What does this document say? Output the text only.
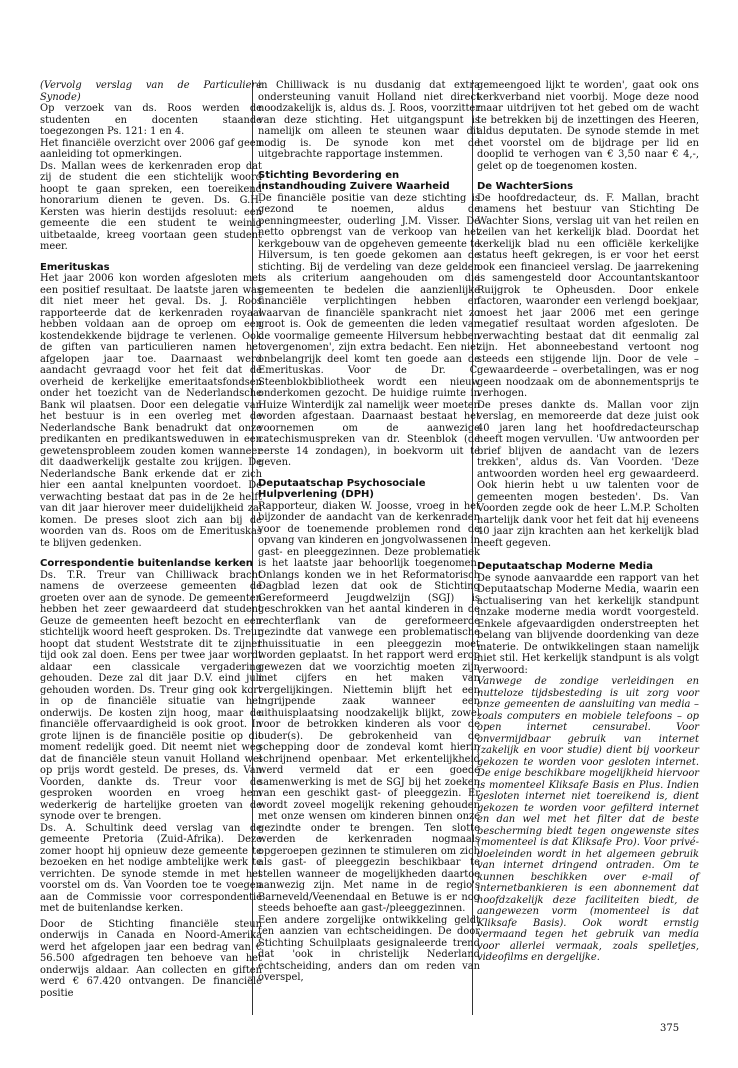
(Vervolg verslag van de Particuliere Synode)

Op verzoek van ds. Roos werden de studenten en docenten staande toegezongen Ps. 121: 1 en 4.

Het financiële overzicht over 2006 gaf geen aanleiding tot opmerkingen.

Ds. Mallan wees de kerkenraden erop dat zij de student die een stichtelijk woord hoopt te gaan spreken, een toereikend honorarium dienen te geven. Ds. G.H. Kersten was hierin destijds resoluut: een gemeente die een student te weinig uitbetaalde, kreeg voortaan geen student meer.

Emerituskas

Het jaar 2006 kon worden afgesloten met een positief resultaat. De laatste jaren was dit niet meer het geval. Ds. J. Roos rapporteerde dat de kerkenraden royaal hebben voldaan aan de oproep om een kostendekkende bijdrage te verlenen. Ook de giften van particulieren namen het afgelopen jaar toe. Daarnaast werd aandacht gevraagd voor het feit dat de overheid de kerkelijke emeritaatsfondsen onder het toezicht van de Nederlandsche Bank wil plaatsen. Door een delegatie van het bestuur is in een overleg met de Nederlandsche Bank benadrukt dat onze predikanten en predikantsweduwen in een gewetensprobleem zouden komen wanneer dit daadwerkelijk gestalte zou krijgen. De Nederlandsche Bank erkende dat er zich hier een aantal knelpunten voordoet. De verwachting bestaat dat pas in de 2e helft van dit jaar hierover meer duidelijkheid zal komen. De preses sloot zich aan bij de woorden van ds. Roos om de Emerituskas te blijven gedenken.

Correspondentie buitenlandse kerken

Ds. T.R. Treur van Chilliwack bracht namens de overzeese gemeenten de groeten over aan de synode. De gemeenten hebben het zeer gewaardeerd dat student Geuze de gemeenten heeft bezocht en een stichtelijk woord heeft gesproken. Ds. Treur hoopt dat student Weststrate dit te zijner tijd ook zal doen. Eens per twee jaar wordt aldaar een classicale vergadering gehouden. Deze zal dit jaar D.V. eind juli gehouden worden. Ds. Treur ging ook kort in op de financiële situatie van het onderwijs. De kosten zijn hoog, maar de financiële offervaardigheid is ook groot. In grote lijnen is de financiële positie op dit moment redelijk goed. Dit neemt niet weg dat de financiële steun vanuit Holland wel op prijs wordt gesteld. De preses, ds. Van Voorden, dankte ds. Treur voor de gesproken woorden en vroeg hem wederkerig de hartelijke groeten van de synode over te brengen.

Ds. A. Schultink deed verslag van de gemeente Pretoria (Zuid-Afrika). Deze zomer hoopt hij opnieuw deze gemeente te bezoeken en het nodige ambtelijke werk te verrichten. De synode stemde in met het voorstel om ds. Van Voorden toe te voegen aan de Commissie voor correspondentie met de buitenlandse kerken.

Door de Stichting financiële steun onderwijs in Canada en Noord-Amerika werd het afgelopen jaar een bedrag van € 56.500 afgedragen ten behoeve van het onderwijs aldaar. Aan collecten en giften werd € 67.420 ontvangen. De financiële positie

in Chilliwack is nu dusdanig dat extra ondersteuning vanuit Holland niet direct noodzakelijk is, aldus ds. J. Roos, voorzitter van deze stichting. Het uitgangspunt is namelijk om alleen te steunen waar dit nodig is. De synode kon met de uitgebrachte rapportage instemmen.

Stichting Bevordering en instandhouding Zuivere Waarheid

De financiële positie van deze stichting is gezond te noemen, aldus de penningmeester, ouderling J.M. Visser. De netto opbrengst van de verkoop van het kerkgebouw van de opgeheven gemeente te Hilversum, is ten goede gekomen aan de stichting. Bij de verdeling van deze gelden is als criterium aangehouden om die gemeenten te bedelen die aanzienlijke financiële verplichtingen hebben en waarvan de financiële spankracht niet zo groot is. Ook de gemeenten die leden van de voormalige gemeente Hilversum hebben 'overgenomen', zijn extra bedacht. Een niet onbelangrijk deel komt ten goede aan de Emerituskas. Voor de Dr. C. Steenblokbibliotheek wordt een nieuw onderkomen gezocht. De huidige ruimte in Huize Winterdijk zal namelijk weer moeten worden afgestaan. Daarnaast bestaat het voornemen om de aanwezige catechismuspreken van dr. Steenblok (de eerste 14 zondagen), in boekvorm uit te geven.

Deputaatschap Psychosociale Hulpverlening (DPH)

Rapporteur, diaken W. Joosse, vroeg in het bijzonder de aandacht van de kerkenraden voor de toenemende problemen rond de opvang van kinderen en jongvolwassenen in gast- en pleeggezinnen. Deze problematiek is het laatste jaar behoorlijk toegenomen. Onlangs konden we in het Reformatorisch Dagblad lezen dat ook de Stichting Gereformeerd Jeugdwelzijn (SGJ) is geschrokken van het aantal kinderen in de rechterflank van de gereformeerde gezindte dat vanwege een problematische thuissituatie in een pleeggezin moet worden geplaatst. In het rapport werd erop gewezen dat we voorzichtig moeten zijn met cijfers en het maken van vergelijkingen. Niettemin blijft het een ingrijpende zaak wanneer een uithuisplaatsing noodzakelijk blijkt, zowel voor de betrokken kinderen als voor de ouder(s). De gebrokenheid van de schepping door de zondeval komt hierin schrijnend openbaar. Met erkentelijkheid werd vermeld dat er een goede samenwerking is met de SGJ bij het zoeken van een geschikt gast- of pleeggezin. Er wordt zoveel mogelijk rekening gehouden met onze wensen om kinderen binnen onze gezindte onder te brengen. Ten slotte werden de kerkenraden nogmaals opgeroepen gezinnen te stimuleren om zich als gast- of pleeggezin beschikbaar te stellen wanneer de mogelijkheden daartoe aanwezig zijn. Met name in de regio's Barneveld/Veenendaal en Betuwe is er nog steeds behoefte aan gast-/pleeggezinnen.

Een andere zorgelijke ontwikkeling geldt ten aanzien van echtscheidingen. De door Stichting Schuilplaats gesignaleerde trend dat 'ook in christelijk Nederland echtscheiding, anders dan om reden van overspel,

gemeengoed lijkt te worden', gaat ook ons kerkverband niet voorbij. Moge deze nood maar uitdrijven tot het gebed om de wacht te betrekken bij de inzettingen des Heeren, aldus deputaten. De synode stemde in met het voorstel om de bijdrage per lid en dooplid te verhogen van € 3,50 naar € 4,-, gelet op de toegenomen kosten.

De WachterSions

De hoofdredacteur, ds. F. Mallan, bracht namens het bestuur van Stichting De Wachter Sions, verslag uit van het reilen en zeilen van het kerkelijk blad. Doordat het kerkelijk blad nu een officiële kerkelijke status heeft gekregen, is er voor het eerst ook een financieel verslag. De jaarrekening is samengesteld door Accountantskantoor Ruijgrok te Opheusden. Door enkele factoren, waaronder een verlengd boekjaar, moest het jaar 2006 met een geringe negatief resultaat worden afgesloten. De verwachting bestaat dat dit eenmalig zal zijn. Het abonneebestand vertoont nog steeds een stijgende lijn. Door de vele – gewaardeerde – overbetalingen, was er nog geen noodzaak om de abonnementsprijs te verhogen.

De preses dankte ds. Mallan voor zijn verslag, en memoreerde dat deze juist ook 40 jaren lang het hoofdredacteurschap heeft mogen vervullen. 'Uw antwoorden per brief blijven de aandacht van de lezers trekken', aldus ds. Van Voorden. 'Deze antwoorden worden heel erg gewaardeerd. Ook hierin hebt u uw talenten voor de gemeenten mogen besteden'. Ds. Van Voorden zegde ook de heer L.M.P. Scholten hartelijk dank voor het feit dat hij eveneens 40 jaar zijn krachten aan het kerkelijk blad heeft gegeven.

Deputaatschap Moderne Media

De synode aanvaardde een rapport van het Deputaatschap Moderne Media, waarin een actualisering van het kerkelijk standpunt inzake moderne media wordt voorgesteld. Enkele afgevaardigden onderstreepten het belang van blijvende doordenking van deze materie. De ontwikkelingen staan namelijk niet stil. Het kerkelijk standpunt is als volgt verwoord:

Vanwege de zondige verleidingen en nutteloze tijdsbesteding is uit zorg voor onze gemeenten de aansluiting van media – zoals computers en mobiele telefoons – op open internet censurabel. Voor onvermijdbaar gebruik van internet (zakelijk en voor studie) dient bij voorkeur gekozen te worden voor gesloten internet. De enige beschikbare mogelijkheid hiervoor is momenteel Kliksafe Basis en Plus. Indien gesloten internet niet toereikend is, dient gekozen te worden voor gefilterd internet en dan wel met het filter dat de beste bescherming biedt tegen ongewenste sites (momenteel is dat Kliksafe Pro). Voor privé-doeleinden wordt in het algemeen gebruik van internet dringend ontraden. Om te kunnen beschikken over e-mail of internetbankieren is een abonnement dat hoofdzakelijk deze faciliteiten biedt, de aangewezen vorm (momenteel is dat Kliksafe Basis). Ook wordt ernstig vermaand tegen het gebruik van media voor allerlei vermaak, zoals spelletjes, videofilms en dergelijke.

375
